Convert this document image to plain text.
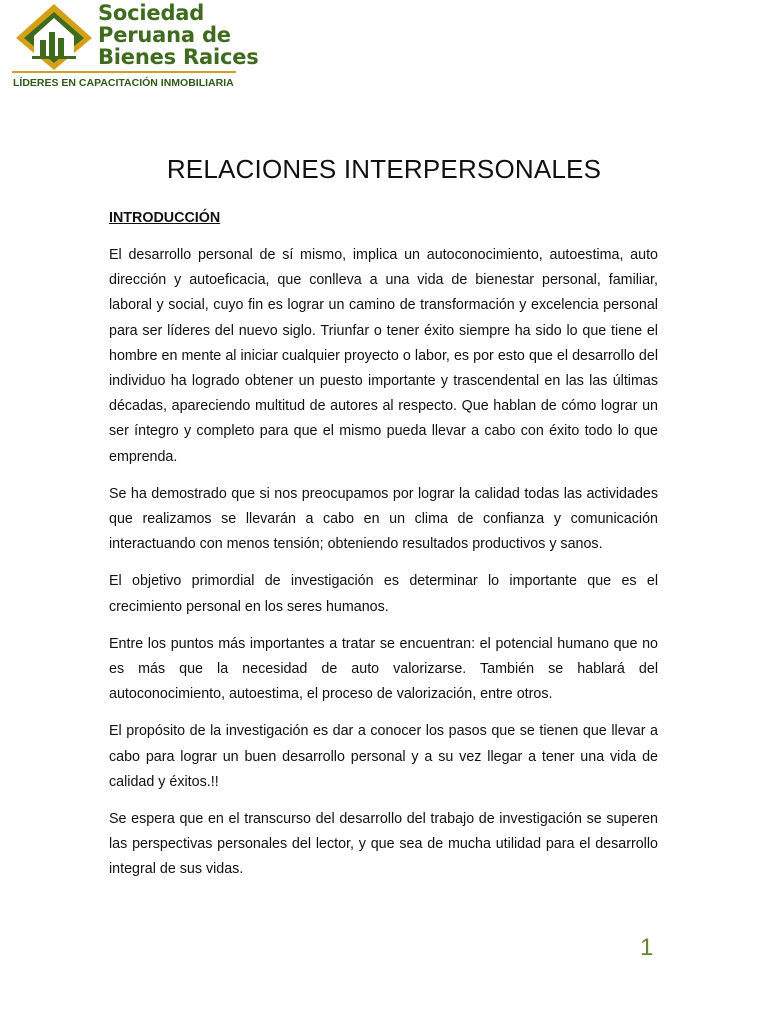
Sociedad
Peruana de
Bienes Raices
LÍDERES EN CAPACITACIÓN INMOBILIARIA
RELACIONES INTERPERSONALES
INTRODUCCIÓN

El desarrollo personal de sí mismo, implica un autoconocimiento, autoestima, auto dirección y autoeficacia, que conlleva a una vida de bienestar personal, familiar, laboral y social, cuyo fin es lograr un camino de transformación y excelencia personal para ser líderes del nuevo siglo. Triunfar o tener éxito siempre ha sido lo que tiene el hombre en mente al iniciar cualquier proyecto o labor, es por esto que el desarrollo del individuo ha logrado obtener un puesto importante y trascendental en las las últimas décadas, apareciendo multitud de autores al respecto. Que hablan de cómo lograr un ser íntegro y completo para que el mismo pueda llevar a cabo con éxito todo lo que emprenda.

Se ha demostrado que si nos preocupamos por lograr la calidad todas las actividades que realizamos se llevarán a cabo en un clima de confianza y comunicación interactuando con menos tensión; obteniendo resultados productivos y sanos.

El objetivo primordial de investigación es determinar lo importante que es el crecimiento personal en los seres humanos.

Entre los puntos más importantes a tratar se encuentran: el potencial humano que no es más que la necesidad de auto valorizarse. También se hablará del autoconocimiento, autoestima, el proceso de valorización, entre otros.

El propósito de la investigación es dar a conocer los pasos que se tienen que llevar a cabo para lograr un buen desarrollo personal y a su vez llegar a tener una vida de calidad y éxitos.!!

Se espera que en el transcurso del desarrollo del trabajo de investigación se superen las perspectivas personales del lector, y que sea de mucha utilidad para el desarrollo integral de sus vidas.

1
